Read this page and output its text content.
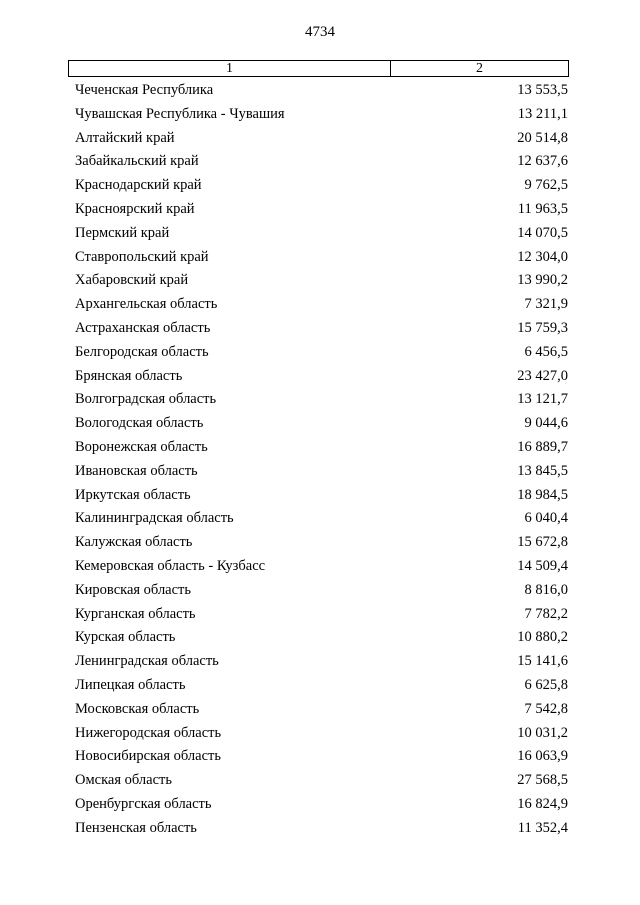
4734
1	2
Чеченская Республика	13 553,5
Чувашская Республика - Чувашия	13 211,1
Алтайский край	20 514,8
Забайкальский край	12 637,6
Краснодарский край	9 762,5
Красноярский край	11 963,5
Пермский край	14 070,5
Ставропольский край	12 304,0
Хабаровский край	13 990,2
Архангельская область	7 321,9
Астраханская область	15 759,3
Белгородская область	6 456,5
Брянская область	23 427,0
Волгоградская область	13 121,7
Вологодская область	9 044,6
Воронежская область	16 889,7
Ивановская область	13 845,5
Иркутская область	18 984,5
Калининградская область	6 040,4
Калужская область	15 672,8
Кемеровская область - Кузбасс	14 509,4
Кировская область	8 816,0
Курганская область	7 782,2
Курская область	10 880,2
Ленинградская область	15 141,6
Липецкая область	6 625,8
Московская область	7 542,8
Нижегородская область	10 031,2
Новосибирская область	16 063,9
Омская область	27 568,5
Оренбургская область	16 824,9
Пензенская область	11 352,4
